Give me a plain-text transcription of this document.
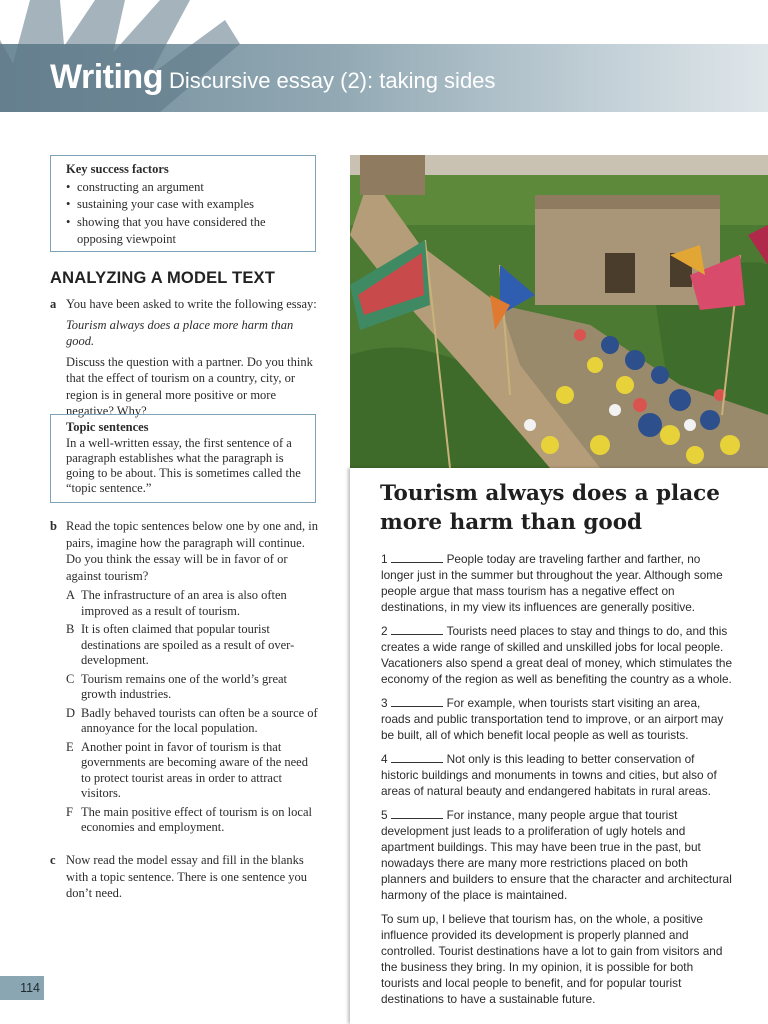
Writing Discursive essay (2): taking sides
Key success factors
• constructing an argument
• sustaining your case with examples
• showing that you have considered the opposing viewpoint
ANALYZING A MODEL TEXT
a You have been asked to write the following essay:
Tourism always does a place more harm than good.
Discuss the question with a partner. Do you think that the effect of tourism on a country, city, or region is in general more positive or more negative? Why?
Topic sentences
In a well-written essay, the first sentence of a paragraph establishes what the paragraph is going to be about. This is sometimes called the “topic sentence.”
b Read the topic sentences below one by one and, in pairs, imagine how the paragraph will continue. Do you think the essay will be in favor of or against tourism?
A The infrastructure of an area is also often improved as a result of tourism.
B It is often claimed that popular tourist destinations are spoiled as a result of over-development.
C Tourism remains one of the world’s great growth industries.
D Badly behaved tourists can often be a source of annoyance for the local population.
E Another point in favor of tourism is that governments are becoming aware of the need to protect tourist areas in order to attract visitors.
F The main positive effect of tourism is on local economies and employment.
c Now read the model essay and fill in the blanks with a topic sentence. There is one sentence you don’t need.
114
Tourism always does a place more harm than good

1	People today are traveling farther and farther, no longer just in the summer but throughout the year. Although some people argue that mass tourism has a negative effect on destinations, in my view its influences are generally positive.

2	Tourists need places to stay and things to do, and this creates a wide range of skilled and unskilled jobs for local people. Vacationers also spend a great deal of money, which stimulates the economy of the region as well as benefiting the country as a whole.

3	For example, when tourists start visiting an area, roads and public transportation tend to improve, or an airport may be built, all of which benefit local people as well as tourists.

4	Not only is this leading to better conservation of historic buildings and monuments in towns and cities, but also of areas of natural beauty and endangered habitats in rural areas.

5	For instance, many people argue that tourist development just leads to a proliferation of ugly hotels and apartment buildings. This may have been true in the past, but nowadays there are many more restrictions placed on both planners and builders to ensure that the character and architectural harmony of the place is maintained.

To sum up, I believe that tourism has, on the whole, a positive influence provided its development is properly planned and controlled. Tourist destinations have a lot to gain from visitors and the business they bring. In my opinion, it is possible for both tourists and local people to benefit, and for popular tourist destinations to have a sustainable future.
